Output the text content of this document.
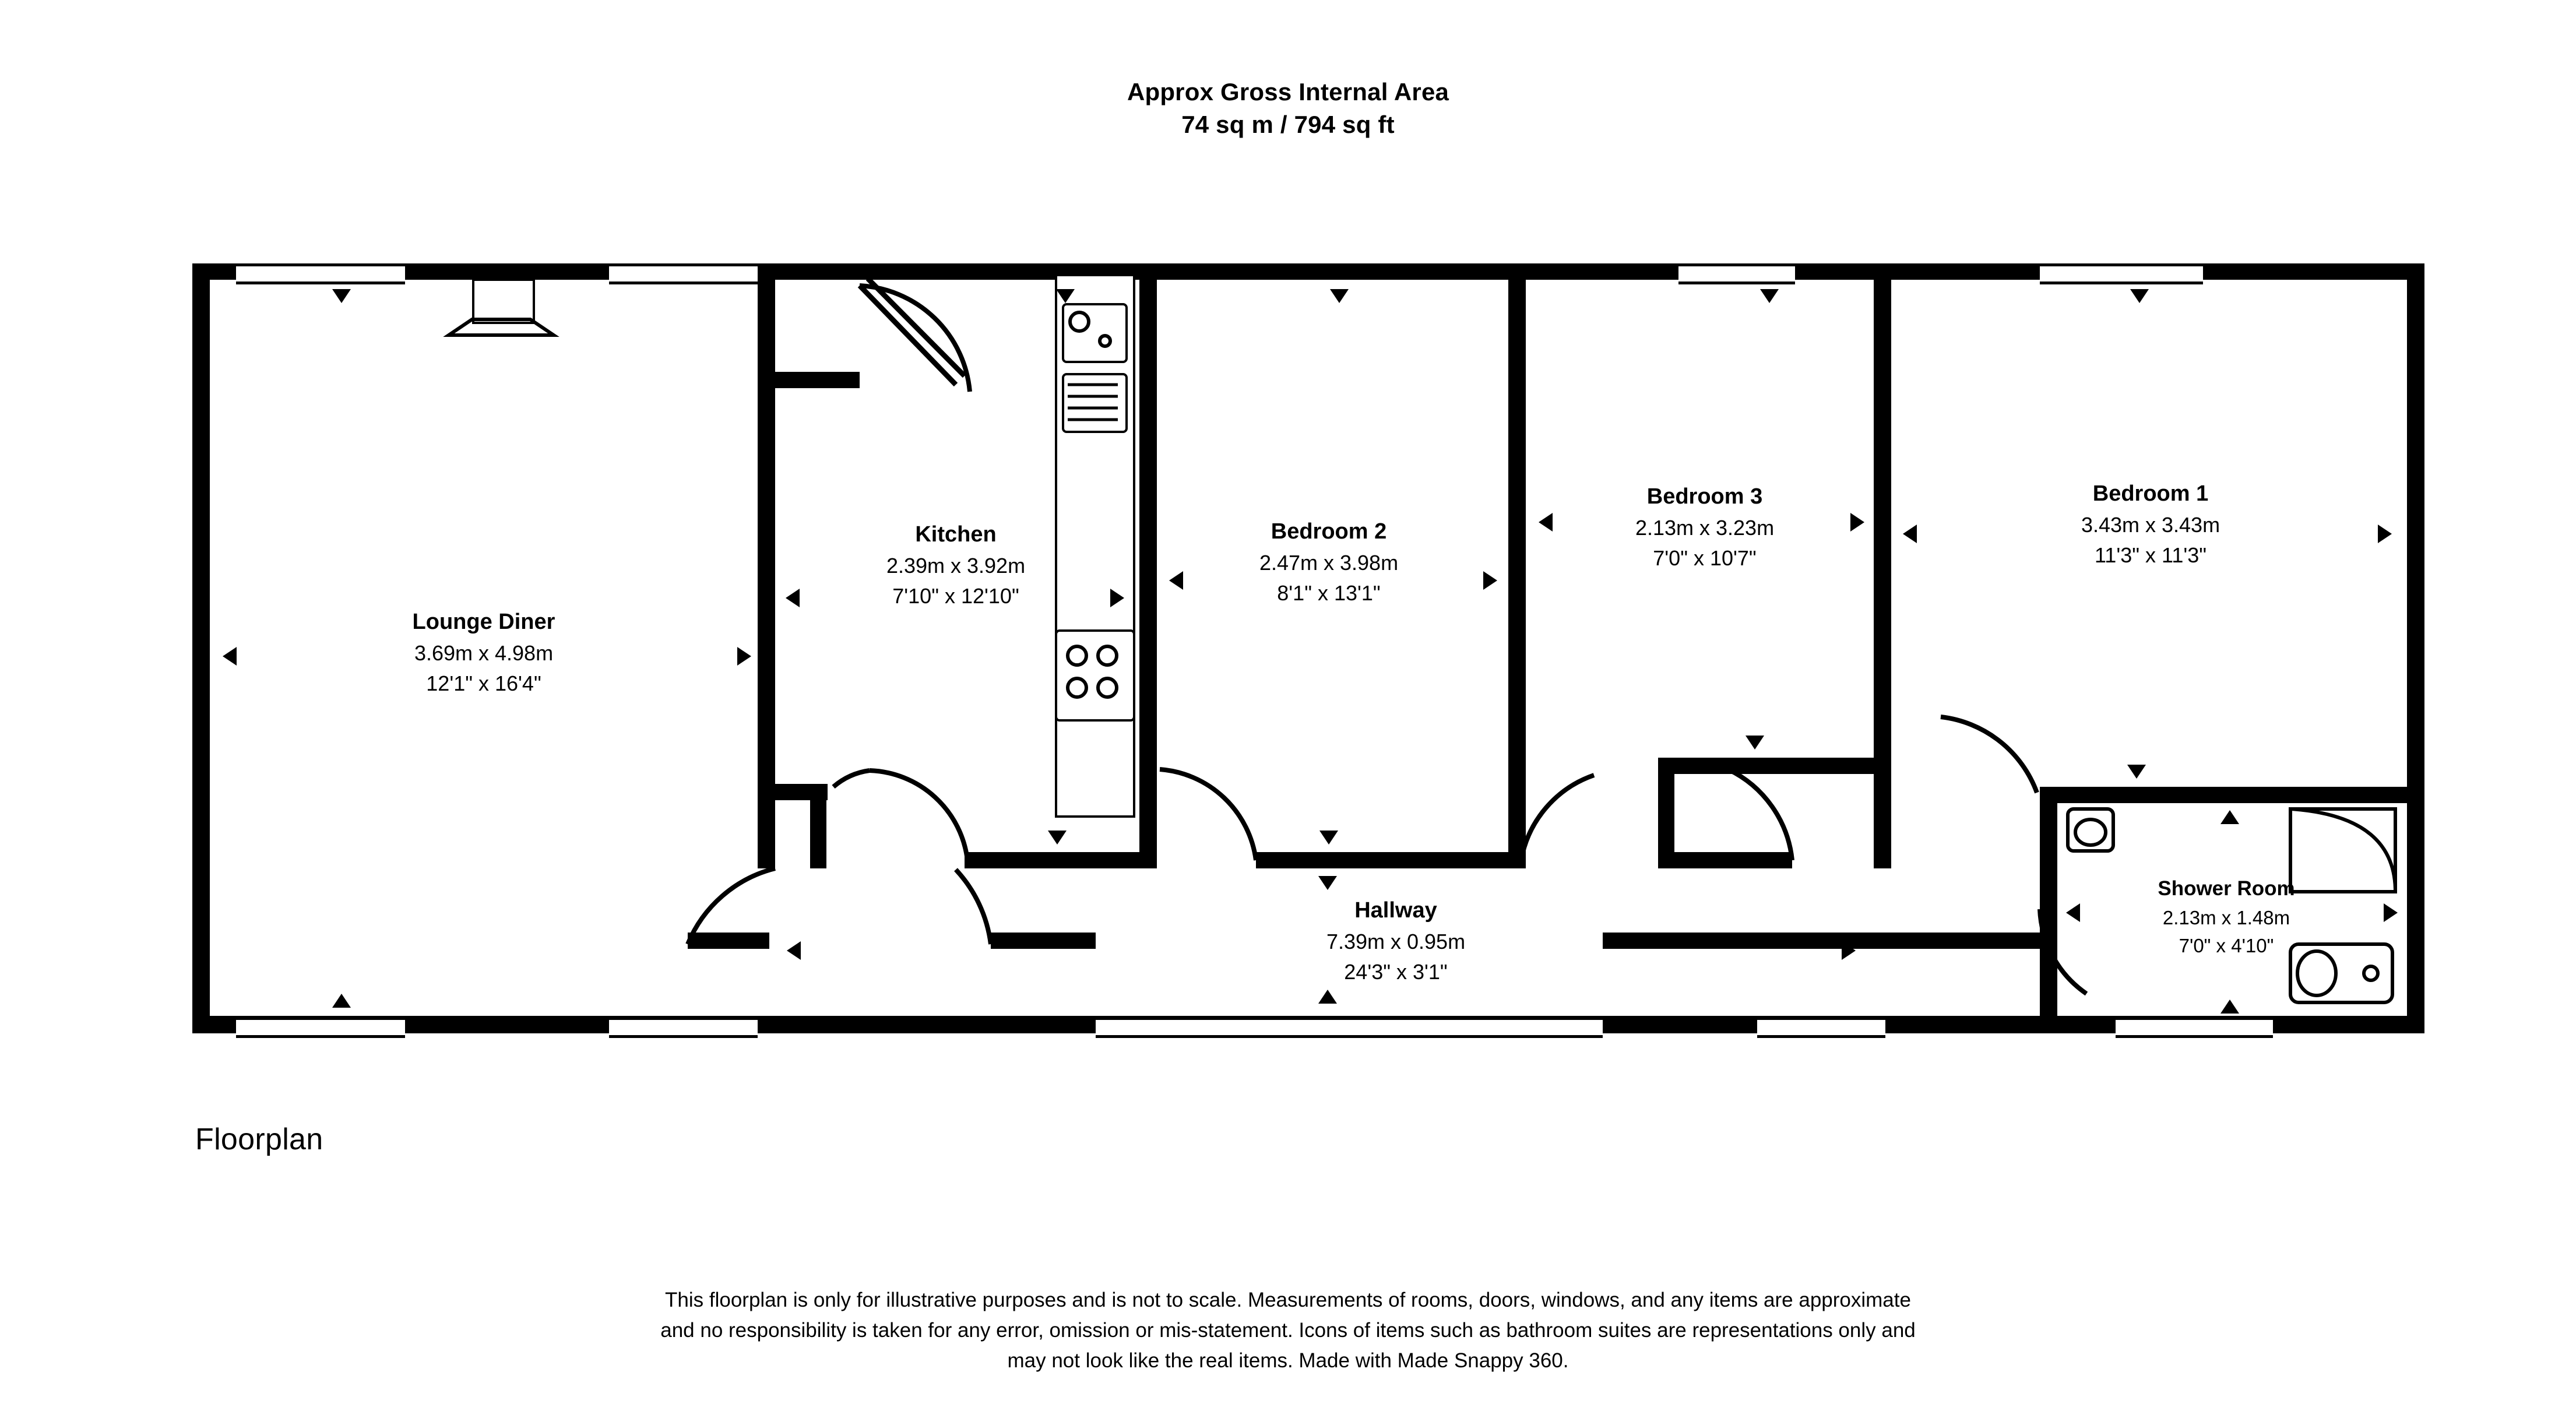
Approx Gross Internal Area
74 sq m / 794 sq ft
Lounge Diner
3.69m x 4.98m
12'1" x 16'4"
Kitchen
2.39m x 3.92m
7'10" x 12'10"
Bedroom 2
2.47m x 3.98m
8'1" x 13'1"
Bedroom 3
2.13m x 3.23m
7'0" x 10'7"
Bedroom 1
3.43m x 3.43m
11'3" x 11'3"
Hallway
7.39m x 0.95m
24'3" x 3'1"
Shower Room
2.13m x 1.48m
7'0" x 4'10"
Floorplan
This floorplan is only for illustrative purposes and is not to scale. Measurements of rooms, doors, windows, and any items are approximate
and no responsibility is taken for any error, omission or mis-statement. Icons of items such as bathroom suites are representations only and
may not look like the real items. Made with Made Snappy 360.
